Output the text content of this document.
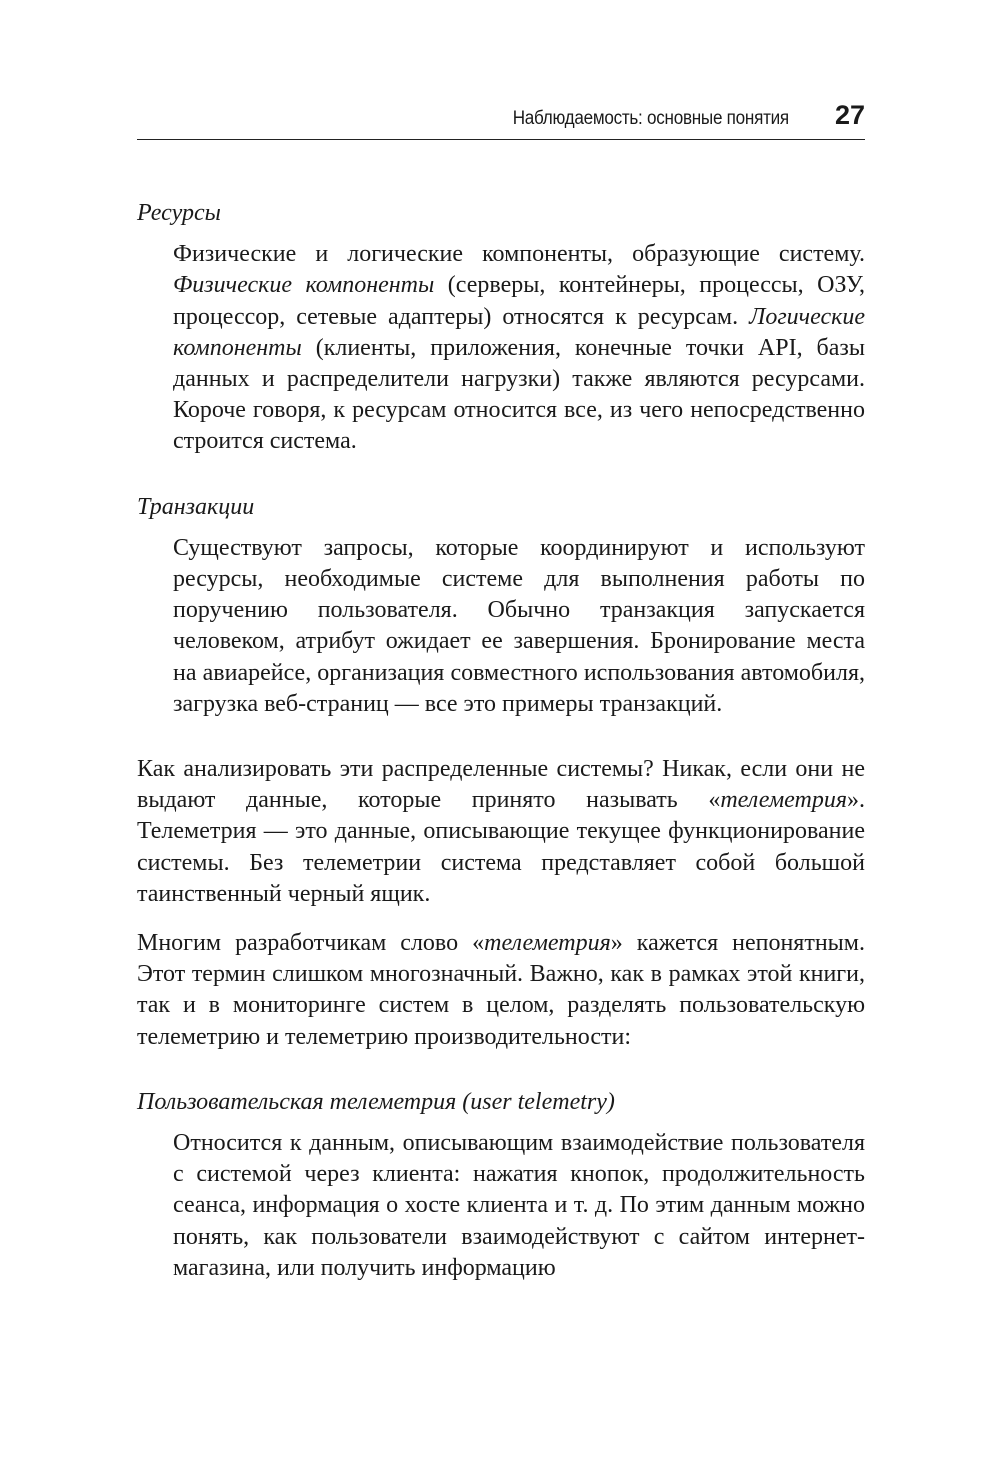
Наблюдаемость: основные понятия 27

Ресурсы

Физические и логические компоненты, образующие систему. Физические компоненты (серверы, контейнеры, процессы, ОЗУ, процессор, сетевые адаптеры) относятся к ресурсам. Логические компоненты (клиенты, приложения, конечные точки API, базы данных и распределители нагрузки) также являются ресурсами. Короче говоря, к ресурсам относится все, из чего непосредственно строится система.

Транзакции

Существуют запросы, которые координируют и используют ресурсы, необходимые системе для выполнения работы по поручению пользователя. Обычно транзакция запускается человеком, атрибут ожидает ее завершения. Бронирование места на авиарейсе, организация совместного использования автомобиля, загрузка веб-страниц — все это примеры транзакций.

Как анализировать эти распределенные системы? Никак, если они не выдают данные, которые принято называть «телеметрия». Телеметрия — это данные, описывающие текущее функционирование системы. Без телеметрии система представляет собой большой таинственный черный ящик.

Многим разработчикам слово «телеметрия» кажется непонятным. Этот термин слишком многозначный. Важно, как в рамках этой книги, так и в мониторинге систем в целом, разделять пользовательскую телеметрию и телеметрию производительности:

Пользовательская телеметрия (user telemetry)

Относится к данным, описывающим взаимодействие пользователя с системой через клиента: нажатия кнопок, продолжительность сеанса, информация о хосте клиента и т. д. По этим данным можно понять, как пользователи взаимодействуют с сайтом интернет-магазина, или получить информацию
